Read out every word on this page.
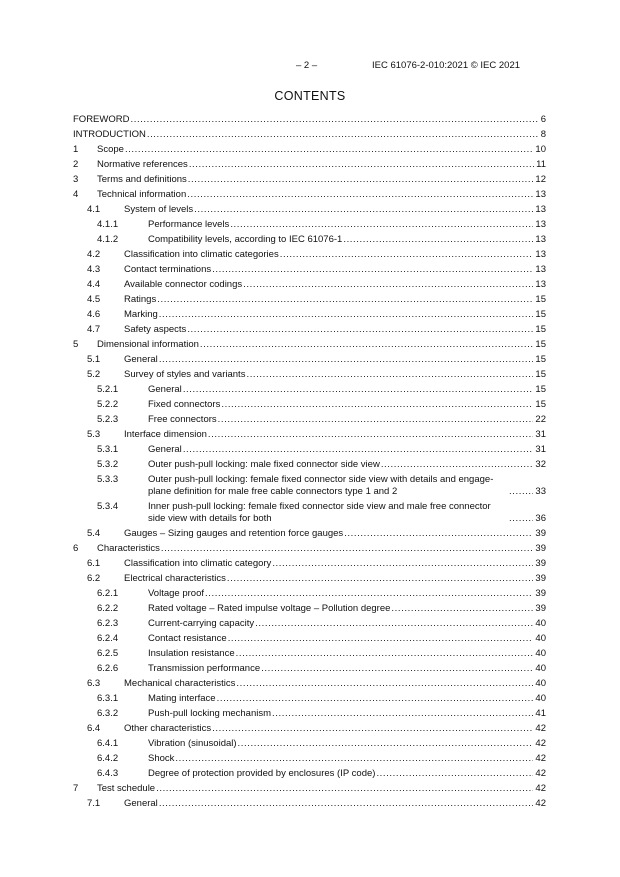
– 2 –	IEC 61076-2-010:2021 © IEC 2021
CONTENTS
FOREWORD .....	6
INTRODUCTION .....	8
1 Scope .....	10
2 Normative references .....	11
3 Terms and definitions .....	12
4 Technical information .....	13
4.1	System of levels .....	13
4.1.1	Performance levels .....	13
4.1.2	Compatibility levels, according to IEC 61076-1 .....	13
4.2	Classification into climatic categories .....	13
4.3	Contact terminations .....	13
4.4	Available connector codings .....	13
4.5	Ratings .....	15
4.6	Marking .....	15
4.7	Safety aspects .....	15
5 Dimensional information .....	15
5.1	General .....	15
5.2	Survey of styles and variants .....	15
5.2.1	General .....	15
5.2.2	Fixed connectors .....	15
5.2.3	Free connectors .....	22
5.3	Interface dimension .....	31
5.3.1	General .....	31
5.3.2	Outer push-pull locking: male fixed connector side view .....	32
5.3.3	Outer push-pull locking: female fixed connector side view with details and engage-plane definition for male free cable connectors type 1 and 2 .....	33
5.3.4	Inner push-pull locking: female fixed connector side view and male free connector side view with details for both .....	36
5.4	Gauges – Sizing gauges and retention force gauges .....	39
6 Characteristics .....	39
6.1	Classification into climatic category .....	39
6.2	Electrical characteristics .....	39
6.2.1	Voltage proof .....	39
6.2.2	Rated voltage – Rated impulse voltage – Pollution degree .....	39
6.2.3	Current-carrying capacity .....	40
6.2.4	Contact resistance .....	40
6.2.5	Insulation resistance .....	40
6.2.6	Transmission performance .....	40
6.3	Mechanical characteristics .....	40
6.3.1	Mating interface .....	40
6.3.2	Push-pull locking mechanism .....	41
6.4	Other characteristics .....	42
6.4.1	Vibration (sinusoidal) .....	42
6.4.2	Shock .....	42
6.4.3	Degree of protection provided by enclosures (IP code) .....	42
7 Test schedule .....	42
7.1	General .....	42
